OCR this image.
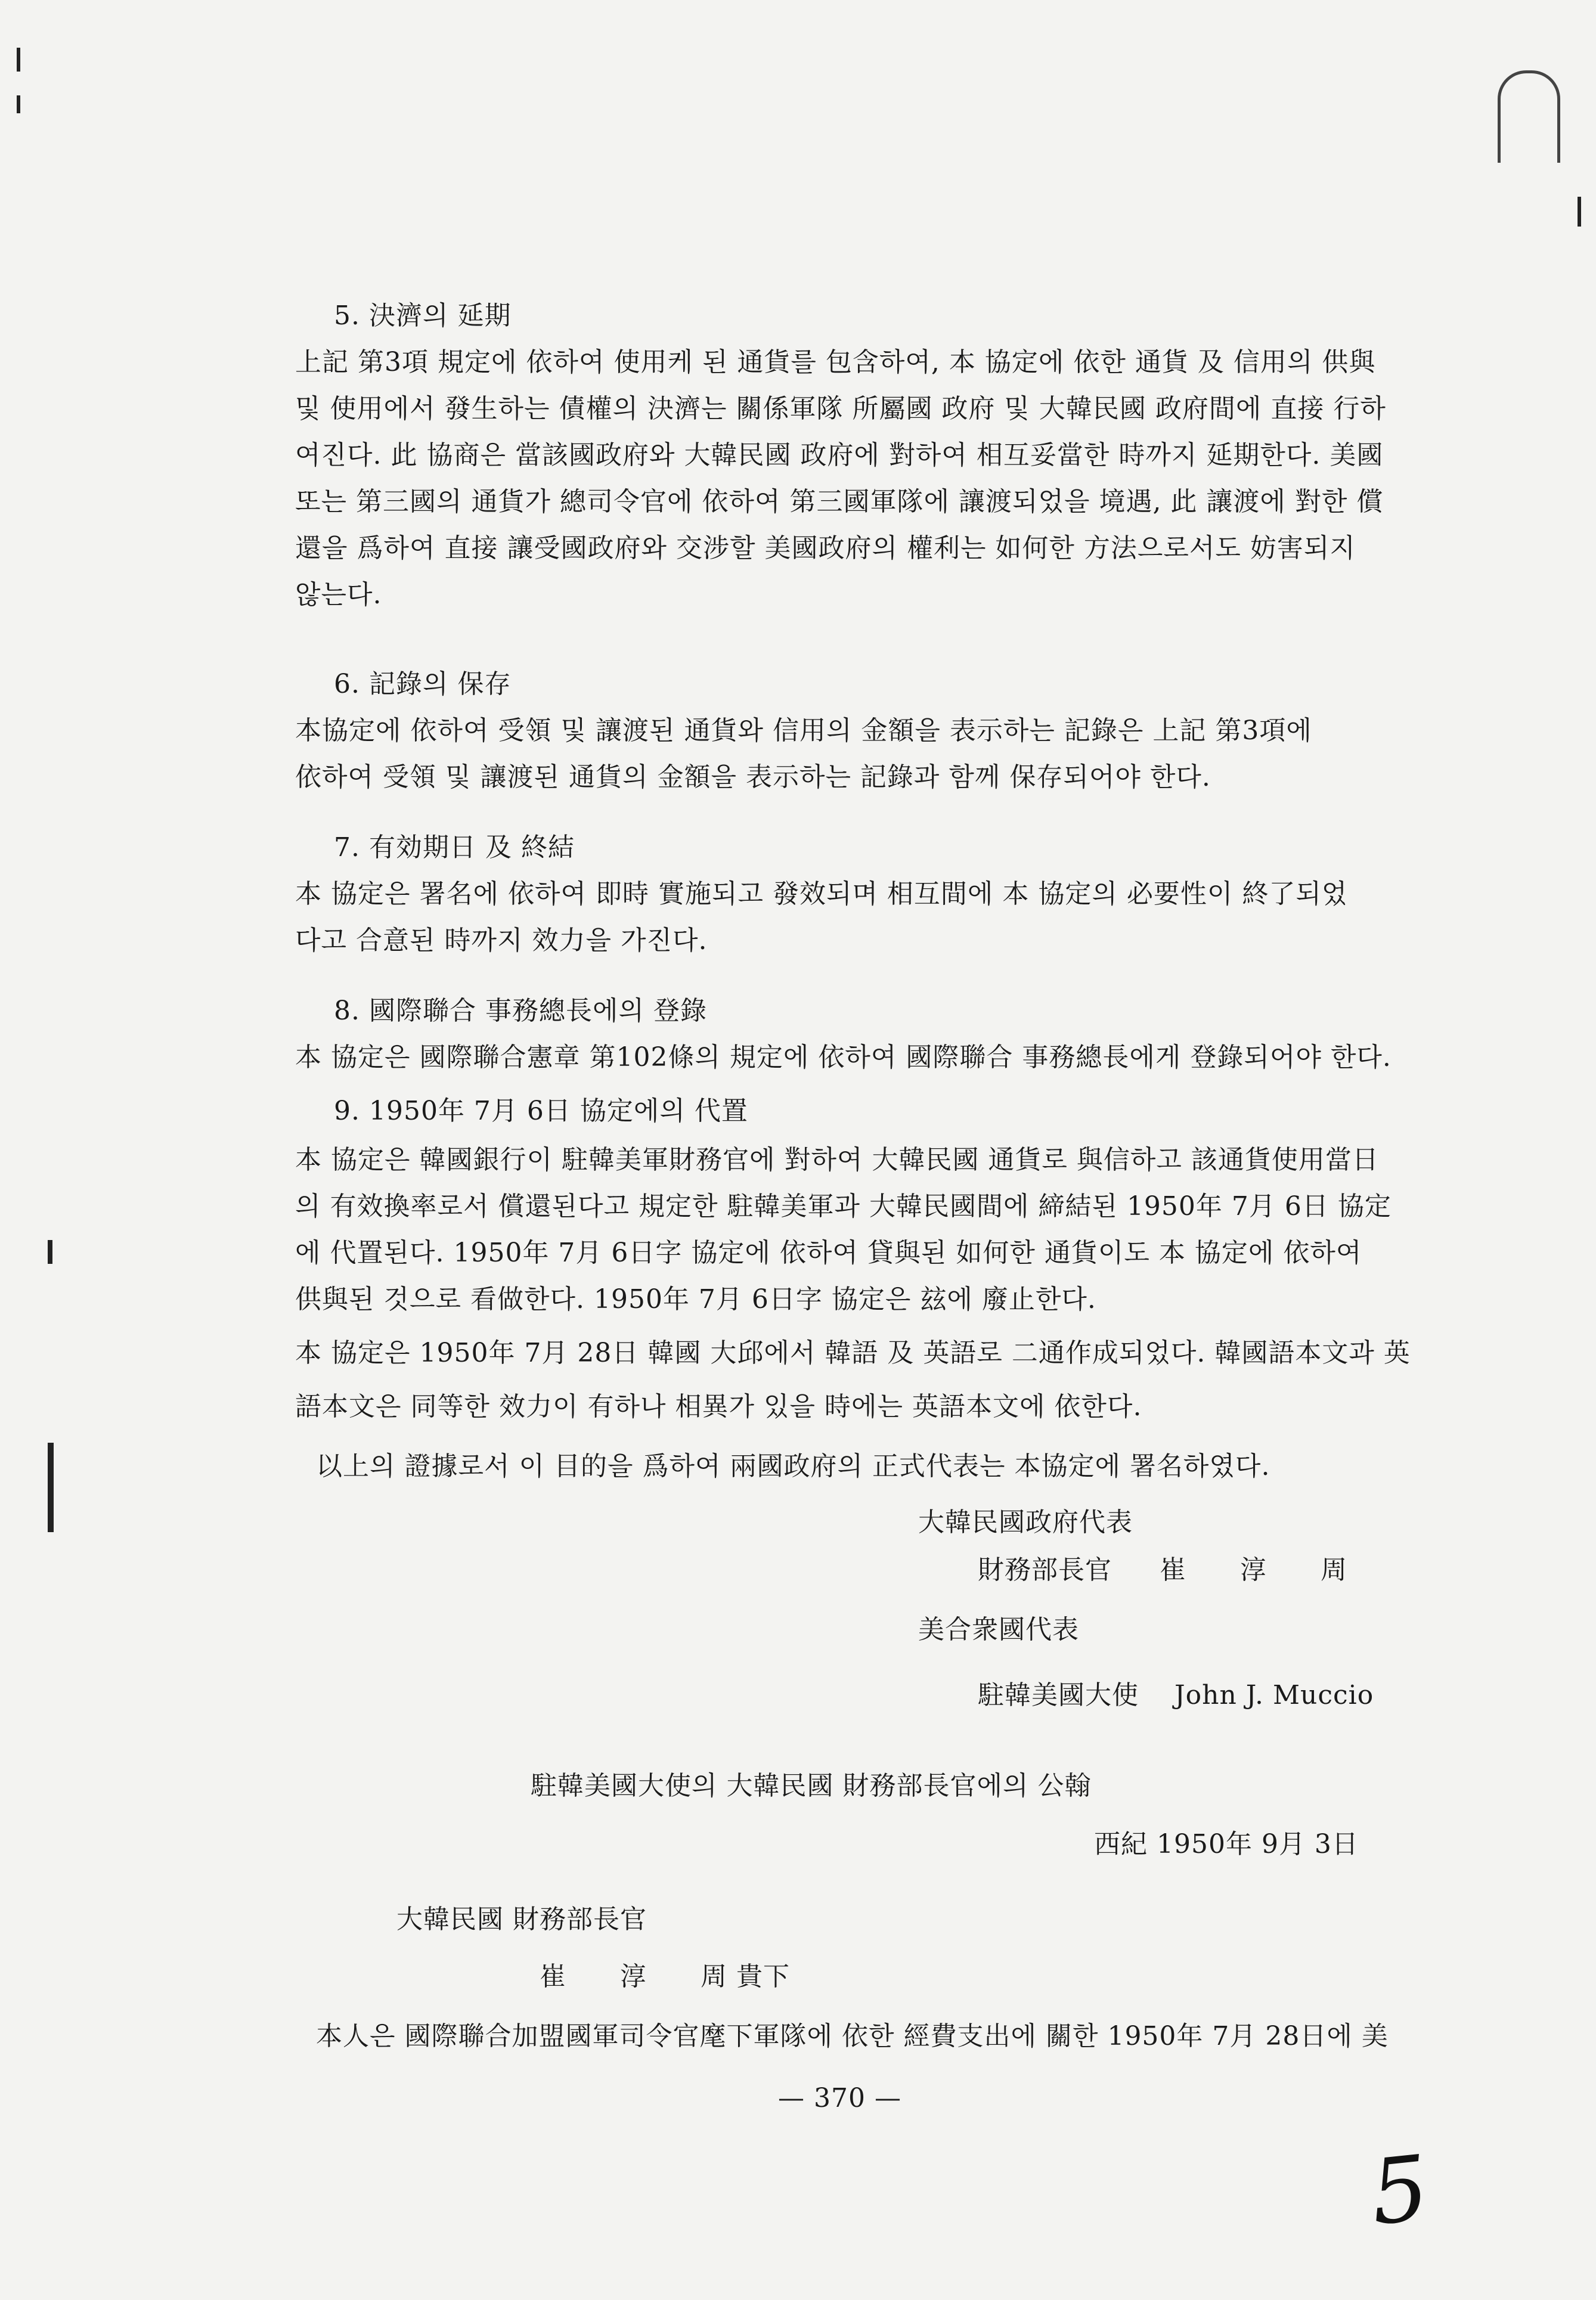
5. 決濟의 延期
上記 第3項 規定에 依하여 使用케 된 通貨를 包含하여, 本 協定에 依한 通貨 及 信用의 供與
및 使用에서 發生하는 債權의 決濟는 關係軍隊 所屬國 政府 및 大韓民國 政府間에 直接 行하
여진다. 此 協商은 當該國政府와 大韓民國 政府에 對하여 相互妥當한 時까지 延期한다. 美國
또는 第三國의 通貨가 總司令官에 依하여 第三國軍隊에 讓渡되었을 境遇, 此 讓渡에 對한 償
還을 爲하여 直接 讓受國政府와 交涉할 美國政府의 權利는 如何한 方法으로서도 妨害되지
않는다.
6. 記錄의 保存
本協定에 依하여 受領 및 讓渡된 通貨와 信用의 金額을 表示하는 記錄은 上記 第3項에
依하여 受領 및 讓渡된 通貨의 金額을 表示하는 記錄과 함께 保存되어야 한다.
7. 有効期日 及 終結
本 協定은 署名에 依하여 即時 實施되고 發效되며 相互間에 本 協定의 必要性이 終了되었
다고 合意된 時까지 效力을 가진다.
8. 國際聯合 事務總長에의 登錄
本 協定은 國際聯合憲章 第102條의 規定에 依하여 國際聯合 事務總長에게 登錄되어야 한다.
9. 1950年 7月 6日 協定에의 代置
本 協定은 韓國銀行이 駐韓美軍財務官에 對하여 大韓民國 通貨로 與信하고 該通貨使用當日
의 有效換率로서 償還된다고 規定한 駐韓美軍과 大韓民國間에 締結된 1950年 7月 6日 協定
에 代置된다. 1950年 7月 6日字 協定에 依하여 貸與된 如何한 通貨이도 本 協定에 依하여
供與된 것으로 看做한다. 1950年 7月 6日字 協定은 玆에 廢止한다.
本 協定은 1950年 7月 28日 韓國 大邱에서 韓語 及 英語로 二通作成되었다. 韓國語本文과 英
語本文은 同等한 效力이 有하나 相異가 있을 時에는 英語本文에 依한다.
以上의 證據로서 이 目的을 爲하여 兩國政府의 正式代表는 本協定에 署名하였다.
大韓民國政府代表
財務部長官 崔　　淳　　周
美合衆國代表
駐韓美國大使 John J. Muccio
駐韓美國大使의 大韓民國 財務部長官에의 公翰
西紀 1950年 9月 3日
大韓民國 財務部長官
崔　　淳　　周 貴下
本人은 國際聯合加盟國軍司令官麾下軍隊에 依한 經費支出에 關한 1950年 7月 28日에 美
— 370 —
5
